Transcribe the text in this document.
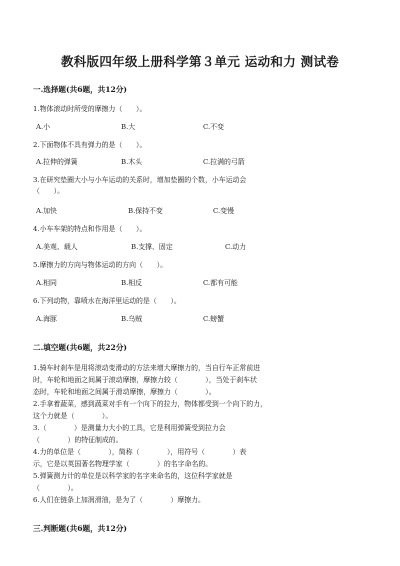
教科版四年级上册科学第３单元 运动和力 测试卷
一.选择题(共6题，共12分)
1.物体滚动时所受的摩擦力（　　）。
A.小	B.大	C.不变
2.下面物体不具有弹力的是（　　）。
A.拉伸的弹簧	B.木头	C.拉满的弓箭
3.在研究垫圈大小与小车运动的关系时，增加垫圈的个数，小车运动会
（　　）。
A.加快	B.保持不变	C.变慢
4.小车车架的特点和作用是（　　）。
A.美观、载人	B.支撑、固定	C.动力
5.摩擦力的方向与物体运动的方向（　　）。
A.相同	B.相反	C.都有可能
6.下列动物，靠喷水在海洋里运动的是（　　）。
A.海豚	B.乌贼	C.螃蟹
二.填空题(共6题，共22分)
1.骑车时刹车是用将滚动变滑动的方法来增大摩擦力的，当自行车正常前进
时，车轮和地面之间属于滚动摩擦，摩擦力较（　　　　），当处于刹车状
态时，车轮和地面之间属于滑动摩擦，摩擦力（　　　　）。
2.手拿着蔬菜，感到蔬菜对手有一个向下的拉力，物体都受到一个向下的力，
这个力就是（　　　　）。
3.（　　　　）是测量力大小的工具，它是利用弹簧受到拉力会
（　　　　）的特征制成的。
4.力的单位是（　　　　），简称（　　　　），用符号（　　　　）表
示，它是以英国著名物理学家（　　　　）的名字命名的。
5.弹簧测力计的单位是以科学家的名字来命名的，这位科学家就是
（　　　　）。
6.人们在链条上加润滑油，是为了（　　　　）摩擦力。
三.判断题(共6题，共12分)
